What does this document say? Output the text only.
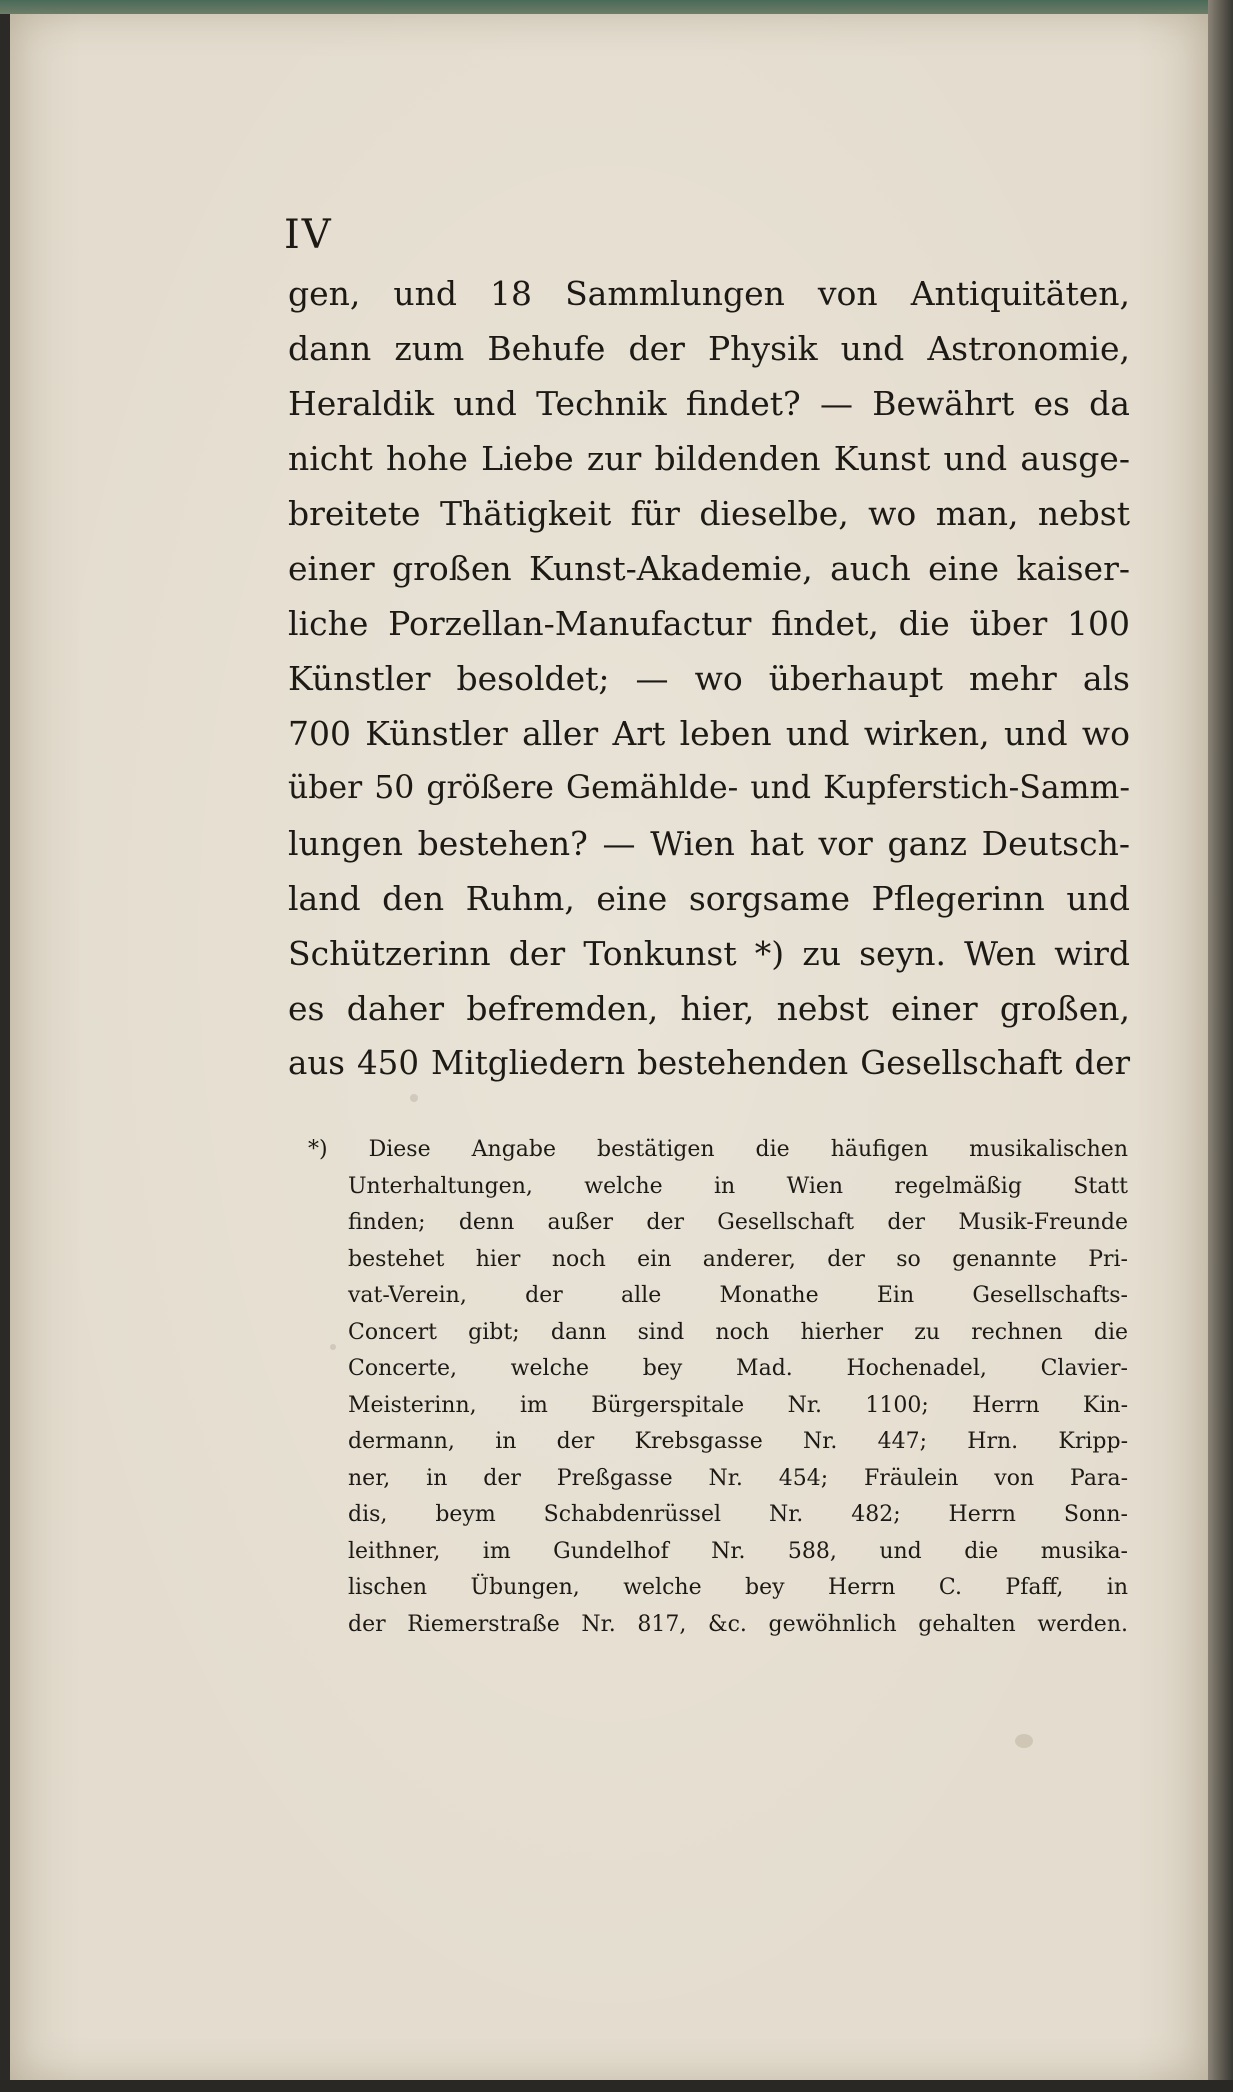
IV
gen, und 18 Sammlungen von Antiquitäten,
dann zum Behufe der Physik und Astronomie,
Heraldik und Technik findet? — Bewährt es da
nicht hohe Liebe zur bildenden Kunst und ausge-
breitete Thätigkeit für dieselbe, wo man, nebst
einer großen Kunst-Akademie, auch eine kaiser-
liche Porzellan-Manufactur findet, die über 100
Künstler besoldet; — wo überhaupt mehr als
700 Künstler aller Art leben und wirken, und wo
über 50 größere Gemählde- und Kupferstich-Samm-
lungen bestehen? — Wien hat vor ganz Deutsch-
land den Ruhm, eine sorgsame Pflegerinn und
Schützerinn der Tonkunst *) zu seyn. Wen wird
es daher befremden, hier, nebst einer großen,
aus 450 Mitgliedern bestehenden Gesellschaft der
*) Diese Angabe bestätigen die häufigen musikalischen
Unterhaltungen, welche in Wien regelmäßig Statt
finden; denn außer der Gesellschaft der Musik-Freunde
bestehet hier noch ein anderer, der so genannte Pri-
vat-Verein, der alle Monathe Ein Gesellschafts-
Concert gibt; dann sind noch hierher zu rechnen die
Concerte, welche bey Mad. Hochenadel, Clavier-
Meisterinn, im Bürgerspitale Nr. 1100; Herrn Kin-
dermann, in der Krebsgasse Nr. 447; Hrn. Kripp-
ner, in der Preßgasse Nr. 454; Fräulein von Para-
dis, beym Schabdenrüssel Nr. 482; Herrn Sonn-
leithner, im Gundelhof Nr. 588, und die musika-
lischen Übungen, welche bey Herrn C. Pfaff, in
der Riemerstraße Nr. 817, &c. gewöhnlich gehalten werden.
